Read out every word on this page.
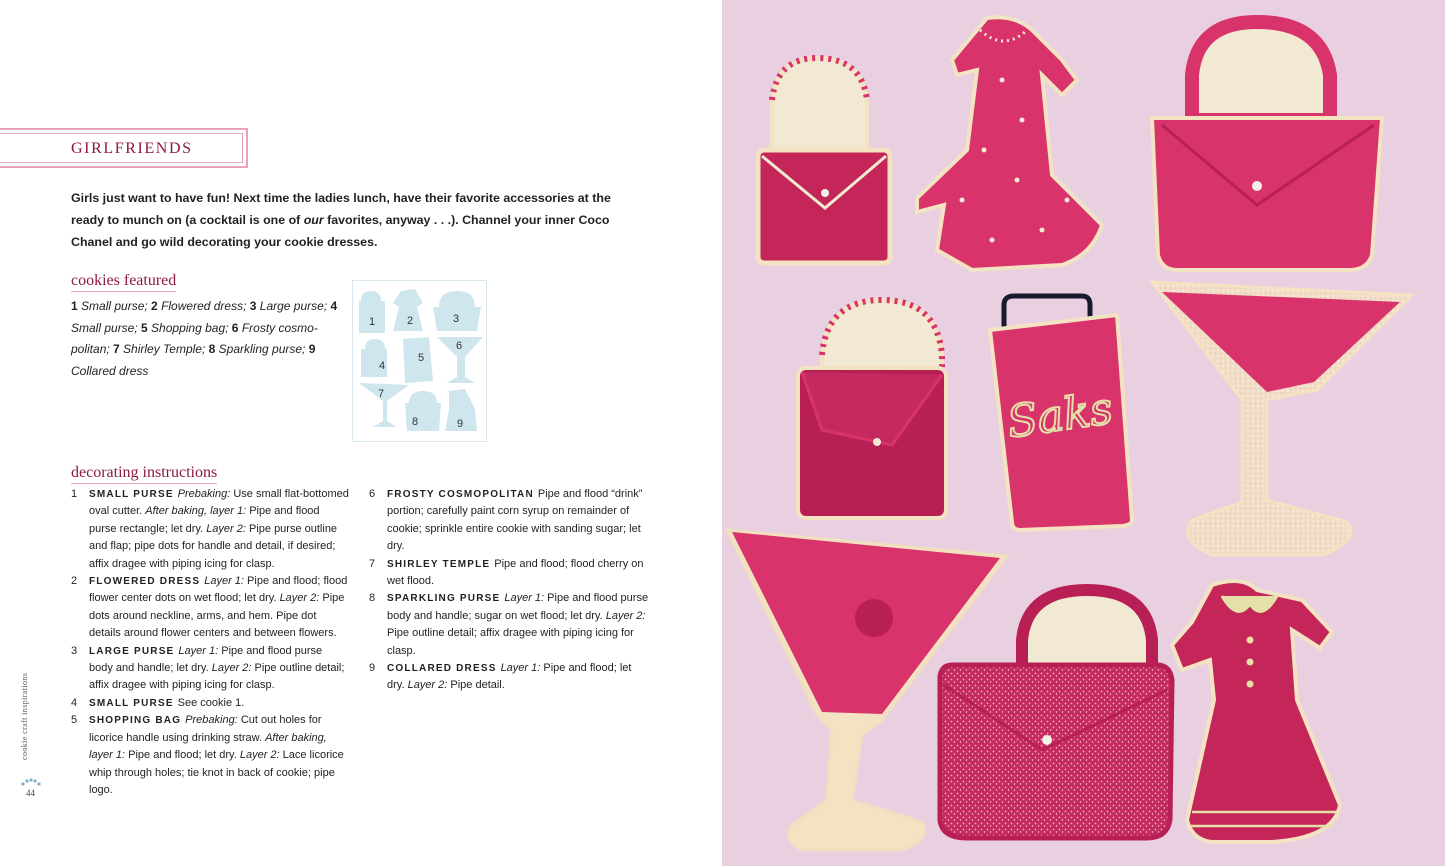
GIRLFRIENDS
Girls just want to have fun! Next time the ladies lunch, have their favorite accessories at the ready to munch on (a cocktail is one of our favorites, anyway . . .). Channel your inner Coco Chanel and go wild decorating your cookie dresses.
cookies featured
1 Small purse; 2 Flowered dress; 3 Large purse; 4 Small purse; 5 Shopping bag; 6 Frosty cosmo-politan; 7 Shirley Temple; 8 Sparkling purse; 9 Collared dress
1	2	3
4
5
6
7
8	9
decorating instructions
1	SMALL PURSE Prebaking: Use small flat-bottomed oval cutter. After baking, layer 1: Pipe and flood purse rectangle; let dry. Layer 2: Pipe purse outline and flap; pipe dots for handle and detail, if desired; affix dragee with piping icing for clasp.
2	FLOWERED DRESS Layer 1: Pipe and flood; flood flower center dots on wet flood; let dry. Layer 2: Pipe dots around neckline, arms, and hem. Pipe dot details around flower centers and between flowers.
3	LARGE PURSE Layer 1: Pipe and flood purse body and handle; let dry. Layer 2: Pipe outline detail; affix dragee with piping icing for clasp.
4	SMALL PURSE See cookie 1.
5	SHOPPING BAG Prebaking: Cut out holes for licorice handle using drinking straw. After baking, layer 1: Pipe and flood; let dry. Layer 2: Lace licorice whip through holes; tie knot in back of cookie; pipe logo.
6	FROSTY COSMOPOLITAN Pipe and flood “drink” portion; carefully paint corn syrup on remainder of cookie; sprinkle entire cookie with sanding sugar; let dry.
7	SHIRLEY TEMPLE Pipe and flood; flood cherry on wet flood.
8	SPARKLING PURSE Layer 1: Pipe and flood purse body and handle; sugar on wet flood; let dry. Layer 2: Pipe outline detail; affix dragee with piping icing for clasp.
9	COLLARED DRESS Layer 1: Pipe and flood; let dry. Layer 2: Pipe detail.
cookie craft inspirations
44
Saks
